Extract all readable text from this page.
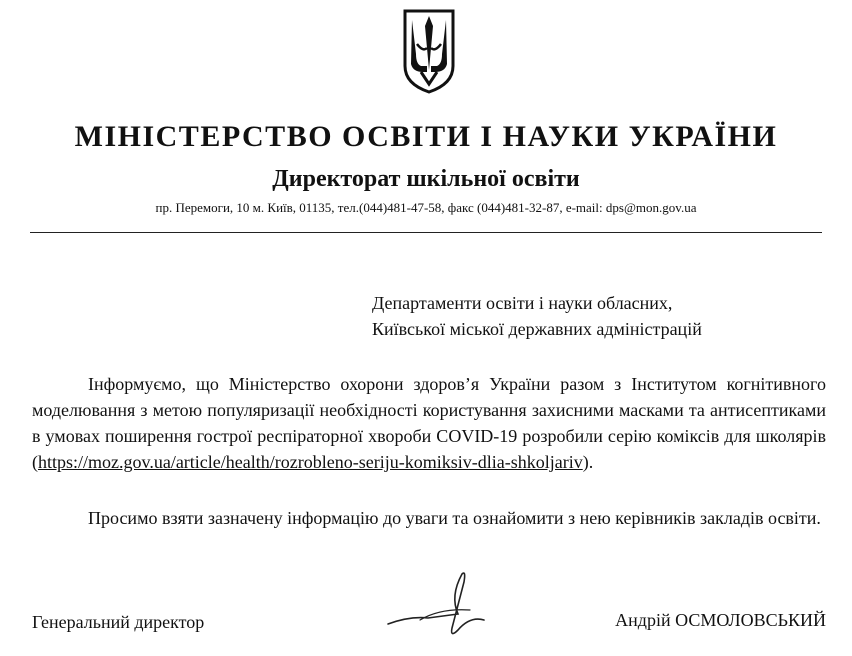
МІНІСТЕРСТВО ОСВІТИ І НАУКИ УКРАЇНИ
Директорат шкільної освіти
пр. Перемоги, 10 м. Київ, 01135, тел.(044)481-47-58, факс (044)481-32-87, e-mail: dps@mon.gov.ua
Департаменти освіти і науки обласних,
Київської міської державних адміністрацій
Інформуємо, що Міністерство охорони здоров’я України разом з Інститутом когнітивного моделювання з метою популяризації необхідності користування захисними масками та антисептиками в умовах поширення гострої респіраторної хвороби COVID-19 розробили серію коміксів для школярів (https://moz.gov.ua/article/health/rozrobleno-seriju-komiksiv-dlia-shkoljariv).
Просимо взяти зазначену інформацію до уваги та ознайомити з нею керівників закладів освіти.
Генеральний директор	Андрій ОСМОЛОВСЬКИЙ
